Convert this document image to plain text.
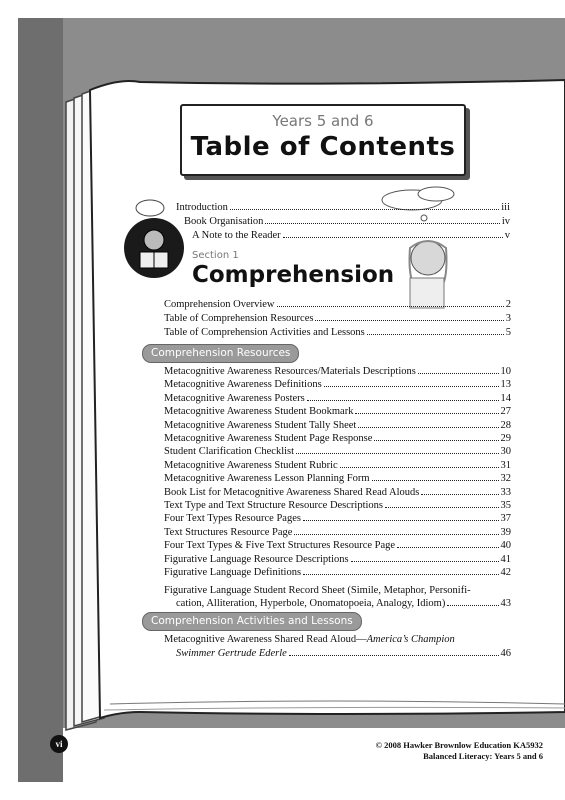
Years 5 and 6
Table of Contents
Introduction	iii
Book Organisation	iv
A Note to the Reader	v
Section 1
Comprehension
Comprehension Overview	2
Table of Comprehension Resources	3
Table of Comprehension Activities and Lessons	5
Comprehension Resources
Metacognitive Awareness Resources/Materials Descriptions	10
Metacognitive Awareness Definitions	13
Metacognitive Awareness Posters	14
Metacognitive Awareness Student Bookmark	27
Metacognitive Awareness Student Tally Sheet	28
Metacognitive Awareness Student Page Response	29
Student Clarification Checklist	30
Metacognitive Awareness Student Rubric	31
Metacognitive Awareness Lesson Planning Form	32
Book List for Metacognitive Awareness Shared Read Alouds	33
Text Type and Text Structure Resource Descriptions	35
Four Text Types Resource Pages	37
Text Structures Resource Page	39
Four Text Types & Five Text Structures Resource Page	40
Figurative Language Resource Descriptions	41
Figurative Language Definitions	42
Figurative Language Student Record Sheet (Simile, Metaphor, Personifi-
cation, Alliteration, Hyperbole, Onomatopoeia, Analogy, Idiom)	43
Comprehension Activities and Lessons
Metacognitive Awareness Shared Read Aloud— America’s Champion
Swimmer Gertrude Ederle	46
vi	© 2008 Hawker Brownlow Education KA5932
Balanced Literacy: Years 5 and 6
